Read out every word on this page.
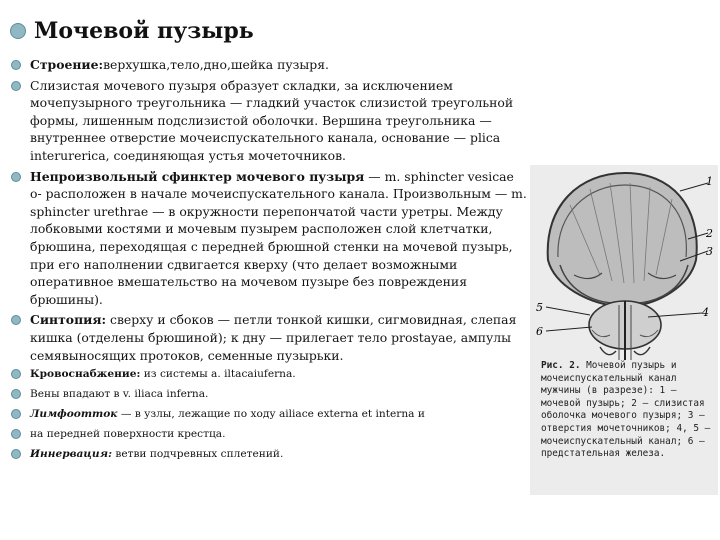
Мочевой пузырь
Строение:верхушка,тело,дно,шейка пузыря.
Слизистая мочевого пузыря образует складки, за исключением мочепузырного треугольника — гладкий участок слизистой треугольной формы, лишенным подслизистой оболочки. Вершина треугольника — внутреннее отверстие мочеиспускательного канала, основание — plica interurerica, соединяющая устья мочеточников.
Непроизвольный сфинктер мочевого пузыря — m. sphincter vesicae о- расположен в начале мочеиспускательного канала. Произвольным — m. sphincter urethrae — в окружности перепончатой части уретры. Между лобковыми костями и мочевым пузырем расположен слой клетчатки, брюшина, переходящая с передней брюшной стенки на мочевой пузырь, при его наполнении сдвигается кверху (что делает возможными оперативное вмешательство на мочевом пузыре без повреждения брюшины).
Синтопия: сверху и сбоков — петли тонкой кишки, сигмовидная, слепая кишка (отделены брюшиной); к дну — прилегает тело prostayae, ампулы семявыносящих протоков, семенные пузырьки.
Кровоснабжение: из системы a. iltacaiuferna.
Вены впадают в v. iliaca inferna.
Лимфоотток — в узлы, лежащие по ходу ailiace externa et interna и
на передней поверхности крестца.
Иннервация: ветви подчревных сплетений.
1
2
3
4
5
6
Рис. 2. Мочевой пузырь и мочеиспускательный канал мужчины (в разрезе): 1 — мочевой пузырь; 2 — слизистая оболочка мочевого пузыря; 3 — отверстия мочеточников; 4, 5 — мочеиспускательный канал; 6 — предстательная железа.
